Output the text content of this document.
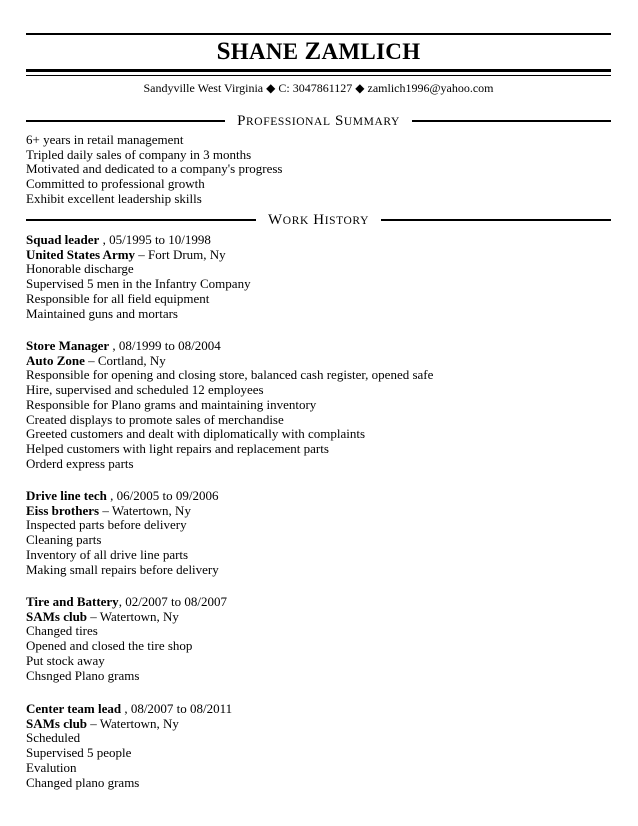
SHANE ZAMLICH
Sandyville West Virginia ◆ C: 3047861127 ◆ zamlich1996@yahoo.com
PROFESSIONAL SUMMARY
6+ years in retail management
Tripled daily sales of company in 3 months
Motivated and dedicated to a company's progress
Committed to professional growth
Exhibit excellent leadership skills
WORK HISTORY
Squad leader , 05/1995 to 10/1998
United States Army – Fort Drum, Ny
Honorable discharge
Supervised 5 men in the Infantry Company
Responsible for all field equipment
Maintained guns and mortars
Store Manager , 08/1999 to 08/2004
Auto Zone – Cortland, Ny
Responsible for opening and closing store, balanced cash register, opened safe
Hire, supervised and scheduled 12 employees
Responsible for Plano grams and maintaining inventory
Created displays to promote sales of merchandise
Greeted customers and dealt with diplomatically with complaints
Helped customers with light repairs and replacement parts
Orderd express parts
Drive line tech , 06/2005 to 09/2006
Eiss brothers – Watertown, Ny
Inspected parts before delivery
Cleaning parts
Inventory of all drive line parts
Making small repairs before delivery
Tire and Battery, 02/2007 to 08/2007
SAMs club – Watertown, Ny
Changed tires
Opened and closed the tire shop
Put stock away
Chsnged Plano grams
Center team lead , 08/2007 to 08/2011
SAMs club – Watertown, Ny
Scheduled
Supervised 5 people
Evalution
Changed plano grams
